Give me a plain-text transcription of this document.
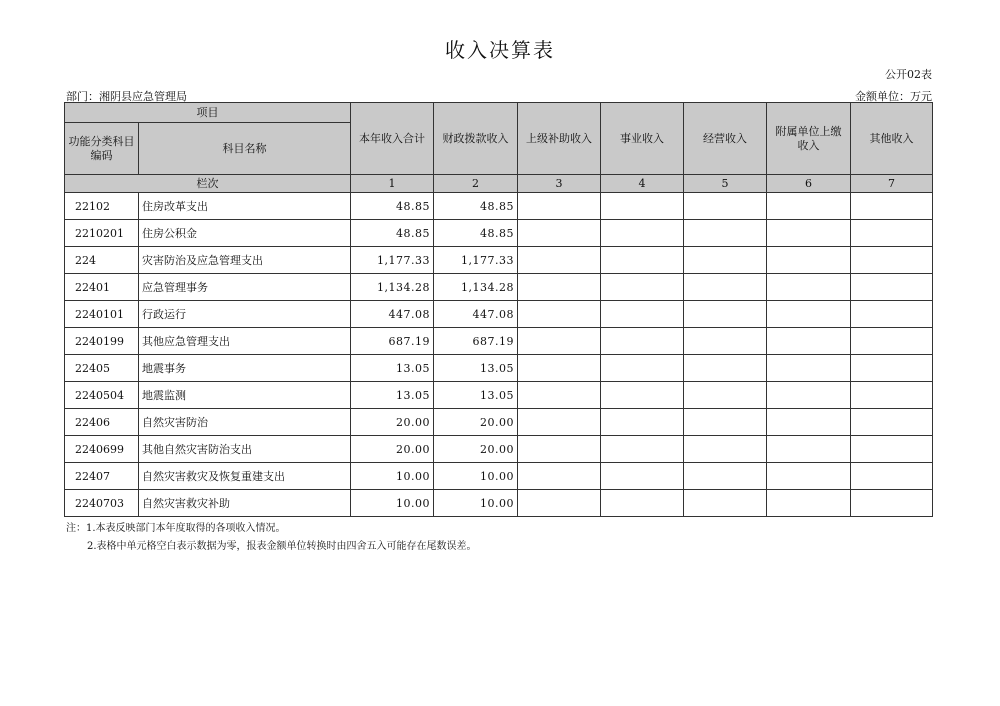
收入决算表
公开02表
部门：湘阴县应急管理局	金额单位：万元
项目		本年收入合计	财政拨款收入	上级补助收入	事业收入	经营收入	附属单位上缴收入	其他收入
功能分类科目编码	科目名称							
栏次		1	2	3	4	5	6	7
22102	住房改革支出	48.85	48.85					
2210201	住房公积金	48.85	48.85					
224	灾害防治及应急管理支出	1,177.33	1,177.33					
22401	应急管理事务	1,134.28	1,134.28					
2240101	行政运行	447.08	447.08					
2240199	其他应急管理支出	687.19	687.19					
22405	地震事务	13.05	13.05					
2240504	地震监测	13.05	13.05					
22406	自然灾害防治	20.00	20.00					
2240699	其他自然灾害防治支出	20.00	20.00					
22407	自然灾害救灾及恢复重建支出	10.00	10.00					
2240703	自然灾害救灾补助	10.00	10.00					
注：1.本表反映部门本年度取得的各项收入情况。
2.表格中单元格空白表示数据为零，报表金额单位转换时由四舍五入可能存在尾数误差。
